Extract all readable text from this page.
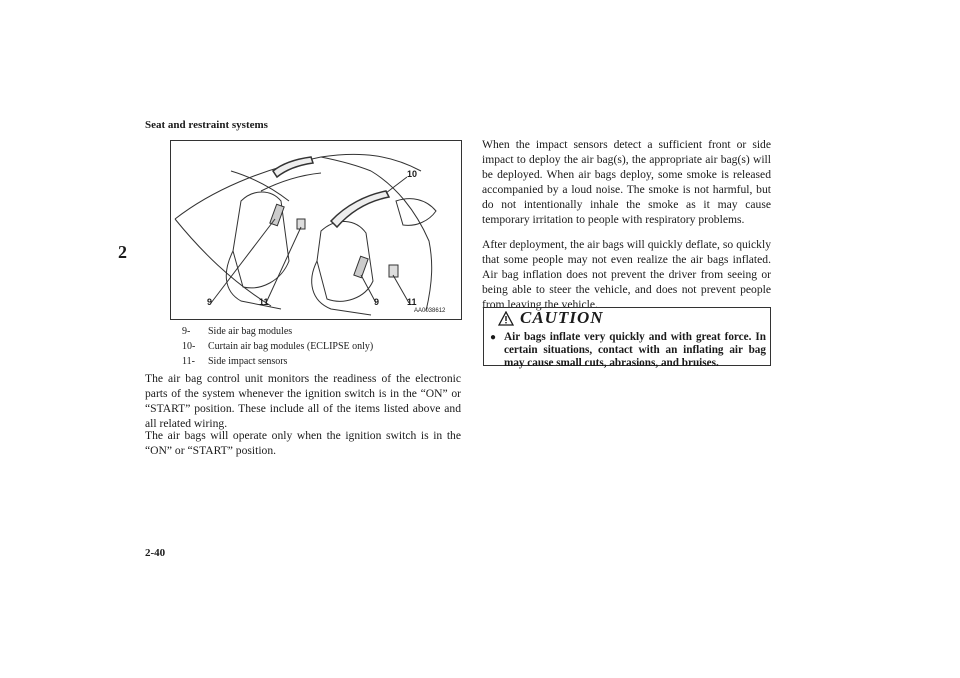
Seat and restraint systems
2
10
9	11	9	11
AA0038612
9-	Side air bag modules
10-	Curtain air bag modules (ECLIPSE only)
11-	Side impact sensors
The air bag control unit monitors the readiness of the electronic parts of the system whenever the ignition switch is in the “ON” or “START” position. These include all of the items listed above and all related wiring.
The air bags will operate only when the ignition switch is in the “ON” or “START” position.
When the impact sensors detect a sufficient front or side impact to deploy the air bag(s), the appropriate air bag(s) will be deployed. When air bags deploy, some smoke is released accompanied by a loud noise. The smoke is not harmful, but do not intentionally inhale the smoke as it may cause temporary irritation to people with respiratory problems.
After deployment, the air bags will quickly deflate, so quickly that some people may not even realize the air bags inflated. Air bag inflation does not prevent the driver from seeing or being able to steer the vehicle, and does not prevent people from leaving the vehicle.
CAUTION
● Air bags inflate very quickly and with great force. In certain situations, contact with an inflating air bag may cause small cuts, abrasions, and bruises.
2-40
